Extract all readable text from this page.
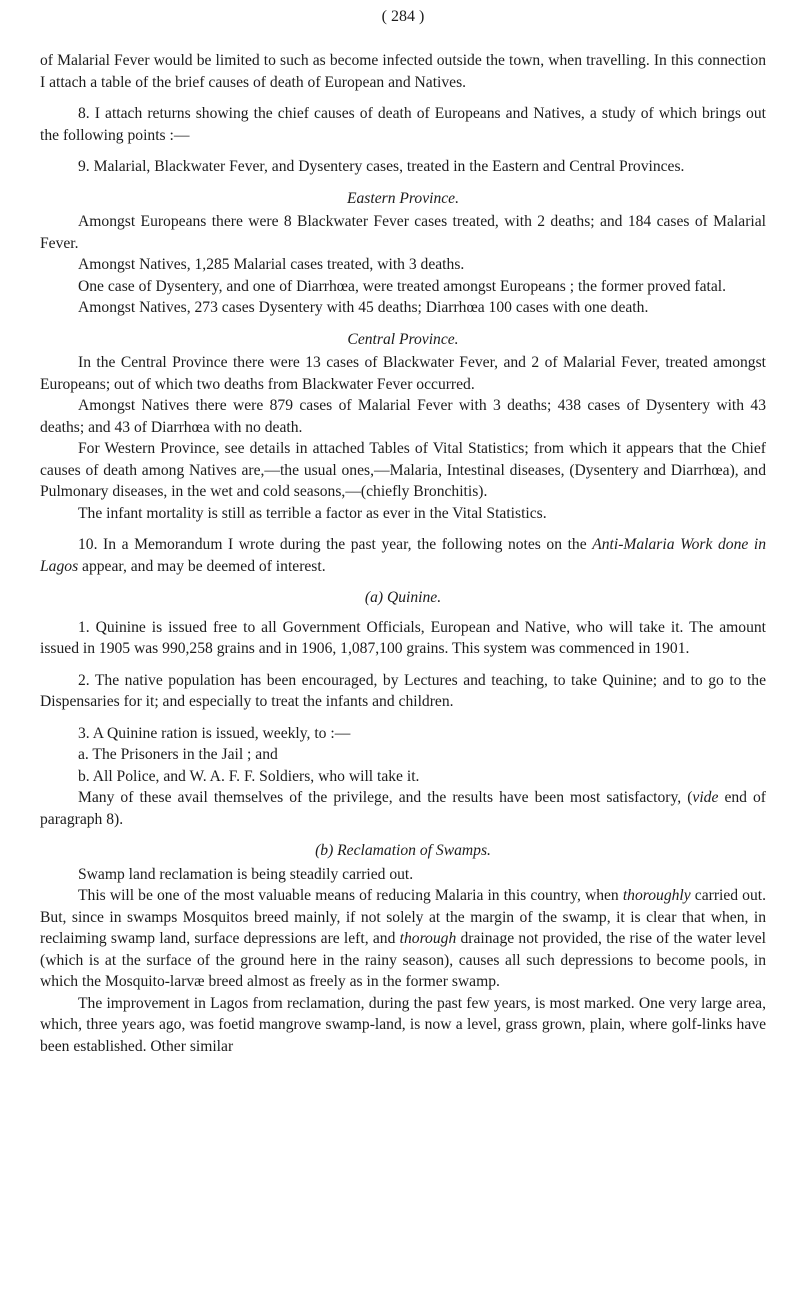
( 284 )

of Malarial Fever would be limited to such as become infected outside the town, when travelling. In this connection I attach a table of the brief causes of death of European and Natives.

8. I attach returns showing the chief causes of death of Europeans and Natives, a study of which brings out the following points :—

9. Malarial, Blackwater Fever, and Dysentery cases, treated in the Eastern and Central Provinces.

Eastern Province.

Amongst Europeans there were 8 Blackwater Fever cases treated, with 2 deaths; and 184 cases of Malarial Fever.

Amongst Natives, 1,285 Malarial cases treated, with 3 deaths.

One case of Dysentery, and one of Diarrhœa, were treated amongst Europeans ; the former proved fatal.

Amongst Natives, 273 cases Dysentery with 45 deaths; Diarrhœa 100 cases with one death.

Central Province.

In the Central Province there were 13 cases of Blackwater Fever, and 2 of Malarial Fever, treated amongst Europeans; out of which two deaths from Blackwater Fever occurred.

Amongst Natives there were 879 cases of Malarial Fever with 3 deaths; 438 cases of Dysentery with 43 deaths; and 43 of Diarrhœa with no death.

For Western Province, see details in attached Tables of Vital Statistics; from which it appears that the Chief causes of death among Natives are,—the usual ones,—Malaria, Intestinal diseases, (Dysentery and Diarrhœa), and Pulmonary diseases, in the wet and cold seasons,—(chiefly Bronchitis).

The infant mortality is still as terrible a factor as ever in the Vital Statistics.

10. In a Memorandum I wrote during the past year, the following notes on the Anti-Malaria Work done in Lagos appear, and may be deemed of interest.

(a) Quinine.

1. Quinine is issued free to all Government Officials, European and Native, who will take it. The amount issued in 1905 was 990,258 grains and in 1906, 1,087,100 grains. This system was commenced in 1901.

2. The native population has been encouraged, by Lectures and teaching, to take Quinine; and to go to the Dispensaries for it; and especially to treat the infants and children.

3. A Quinine ration is issued, weekly, to :—

a. The Prisoners in the Jail ; and

b. All Police, and W. A. F. F. Soldiers, who will take it.

Many of these avail themselves of the privilege, and the results have been most satisfactory, (vide end of paragraph 8).

(b) Reclamation of Swamps.

Swamp land reclamation is being steadily carried out.

This will be one of the most valuable means of reducing Malaria in this country, when thoroughly carried out. But, since in swamps Mosquitos breed mainly, if not solely at the margin of the swamp, it is clear that when, in reclaiming swamp land, surface depressions are left, and thorough drainage not provided, the rise of the water level (which is at the surface of the ground here in the rainy season), causes all such depressions to become pools, in which the Mosquito-larvæ breed almost as freely as in the former swamp.

The improvement in Lagos from reclamation, during the past few years, is most marked. One very large area, which, three years ago, was foetid mangrove swamp-land, is now a level, grass grown, plain, where golf-links have been established. Other similar
